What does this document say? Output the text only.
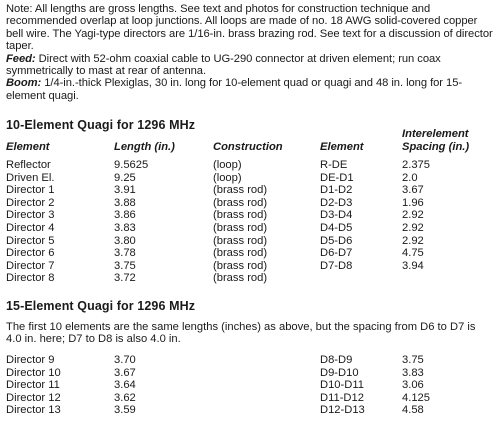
Note: All lengths are gross lengths. See text and photos for construction technique and recommended overlap at loop junctions. All loops are made of no. 18 AWG solid-covered copper bell wire. The Yagi-type directors are 1/16-in. brass brazing rod. See text for a discussion of director taper.

Feed: Direct with 52-ohm coaxial cable to UG-290 connector at driven element; run coax symmetrically to mast at rear of antenna.

Boom: 1/4-in.-thick Plexiglas, 30 in. long for 10-element quad or quagi and 48 in. long for 15-element quagi.

10-Element Quagi for 1296 MHz
Element	Length (in.)	Construction	Element
Interelement
Spacing (in.)
Reflector	9.5625	(loop)	R-DE	2.375
Driven El.	9.25	(loop)	DE-D1	2.0
Director 1	3.91	(brass rod)	D1-D2	3.67
Director 2	3.88	(brass rod)	D2-D3	1.96
Director 3	3.86	(brass rod)	D3-D4	2.92
Director 4	3.83	(brass rod)	D4-D5	2.92
Director 5	3.80	(brass rod)	D5-D6	2.92
Director 6	3.78	(brass rod)	D6-D7	4.75
Director 7	3.75	(brass rod)	D7-D8	3.94
Director 8	3.72	(brass rod)
15-Element Quagi for 1296 MHz
The first 10 elements are the same lengths (inches) as above, but the spacing from D6 to D7 is 4.0 in. here; D7 to D8 is also 4.0 in.
Director 9	3.70	D8-D9	3.75
Director 10	3.67	D9-D10	3.83
Director 11	3.64	D10-D11	3.06
Director 12	3.62	D11-D12	4.125
Director 13	3.59	D12-D13	4.58
